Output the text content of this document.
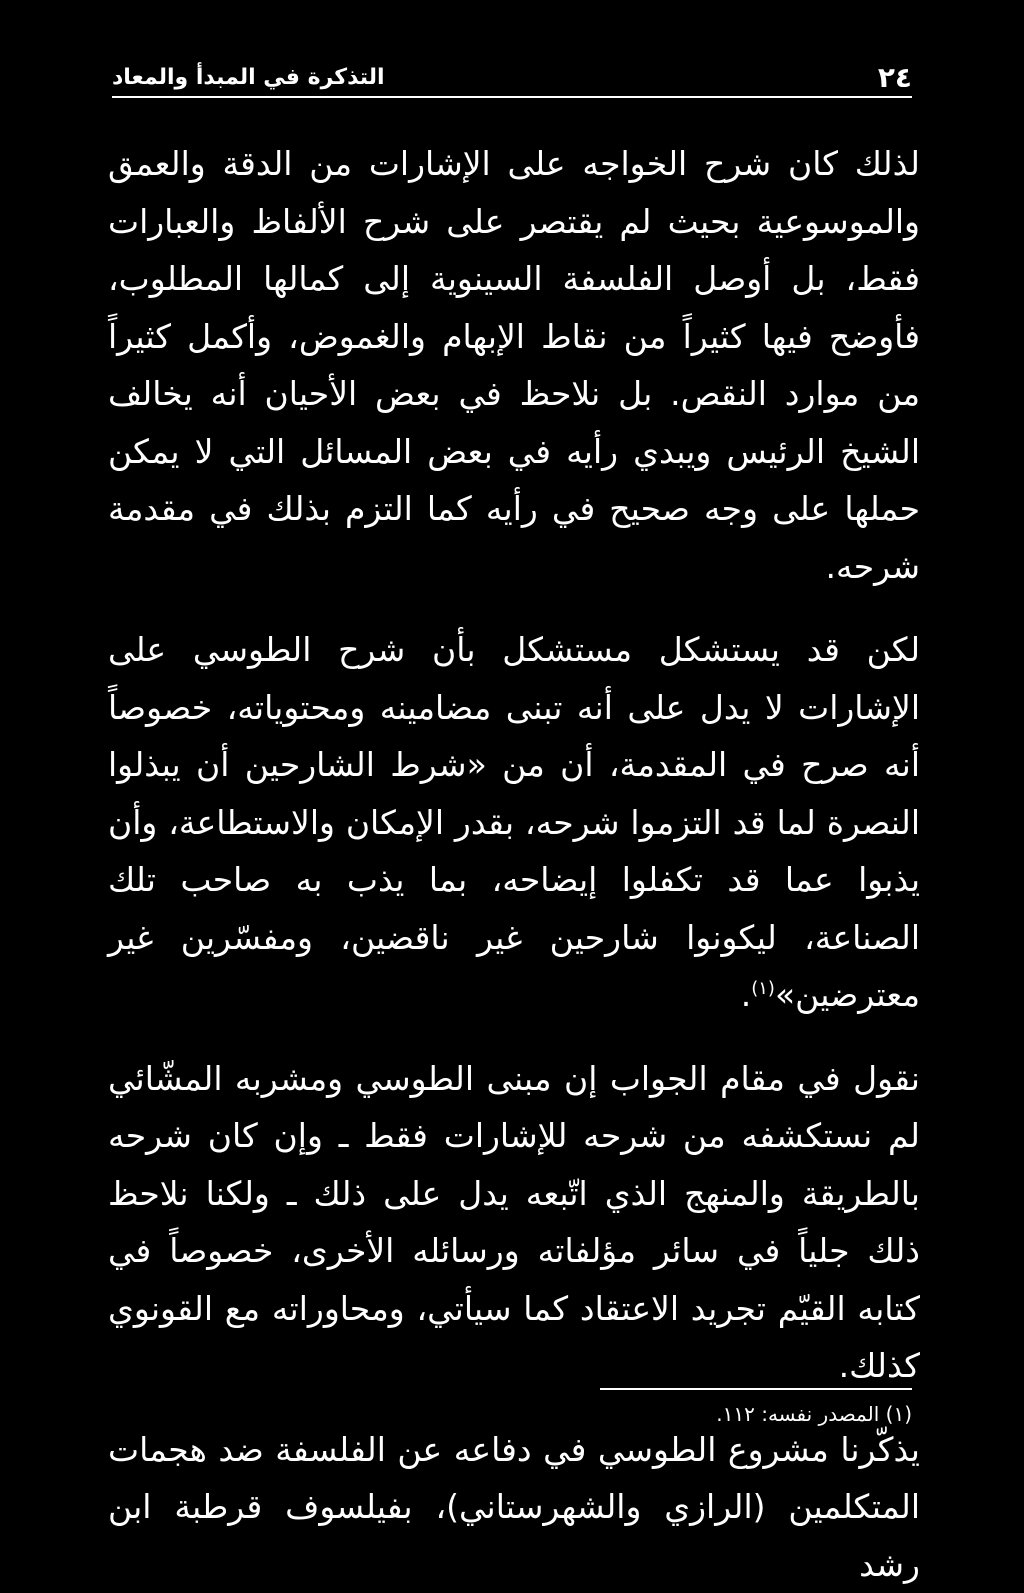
٢٤
التذكرة في المبدأ والمعاد

لذلك كان شرح الخواجه على الإشارات من الدقة والعمق والموسوعية بحيث لم يقتصر على شرح الألفاظ والعبارات فقط، بل أوصل الفلسفة السينوية إلى كمالها المطلوب، فأوضح فيها كثيراً من نقاط الإبهام والغموض، وأكمل كثيراً من موارد النقص. بل نلاحظ في بعض الأحيان أنه يخالف الشيخ الرئيس ويبدي رأيه في بعض المسائل التي لا يمكن حملها على وجه صحيح في رأيه كما التزم بذلك في مقدمة شرحه.

لكن قد يستشكل مستشكل بأن شرح الطوسي على الإشارات لا يدل على أنه تبنى مضامينه ومحتوياته، خصوصاً أنه صرح في المقدمة، أن من «شرط الشارحين أن يبذلوا النصرة لما قد التزموا شرحه، بقدر الإمكان والاستطاعة، وأن يذبوا عما قد تكفلوا إيضاحه، بما يذب به صاحب تلك الصناعة، ليكونوا شارحين غير ناقضين، ومفسّرين غير معترضين»$^{(١)}$.

نقول في مقام الجواب إن مبنى الطوسي ومشربه المشّائي لم نستكشفه من شرحه للإشارات فقط ـ وإن كان شرحه بالطريقة والمنهج الذي اتّبعه يدل على ذلك ـ ولكنا نلاحظ ذلك جلياً في سائر مؤلفاته ورسائله الأخرى، خصوصاً في كتابه القيّم تجريد الاعتقاد كما سيأتي، ومحاوراته مع القونوي كذلك.

يذكّرنا مشروع الطوسي في دفاعه عن الفلسفة ضد هجمات المتكلمين (الرازي والشهرستاني)، بفيلسوف قرطبة ابن رشد

(١) المصدر نفسه: ١١٢.
